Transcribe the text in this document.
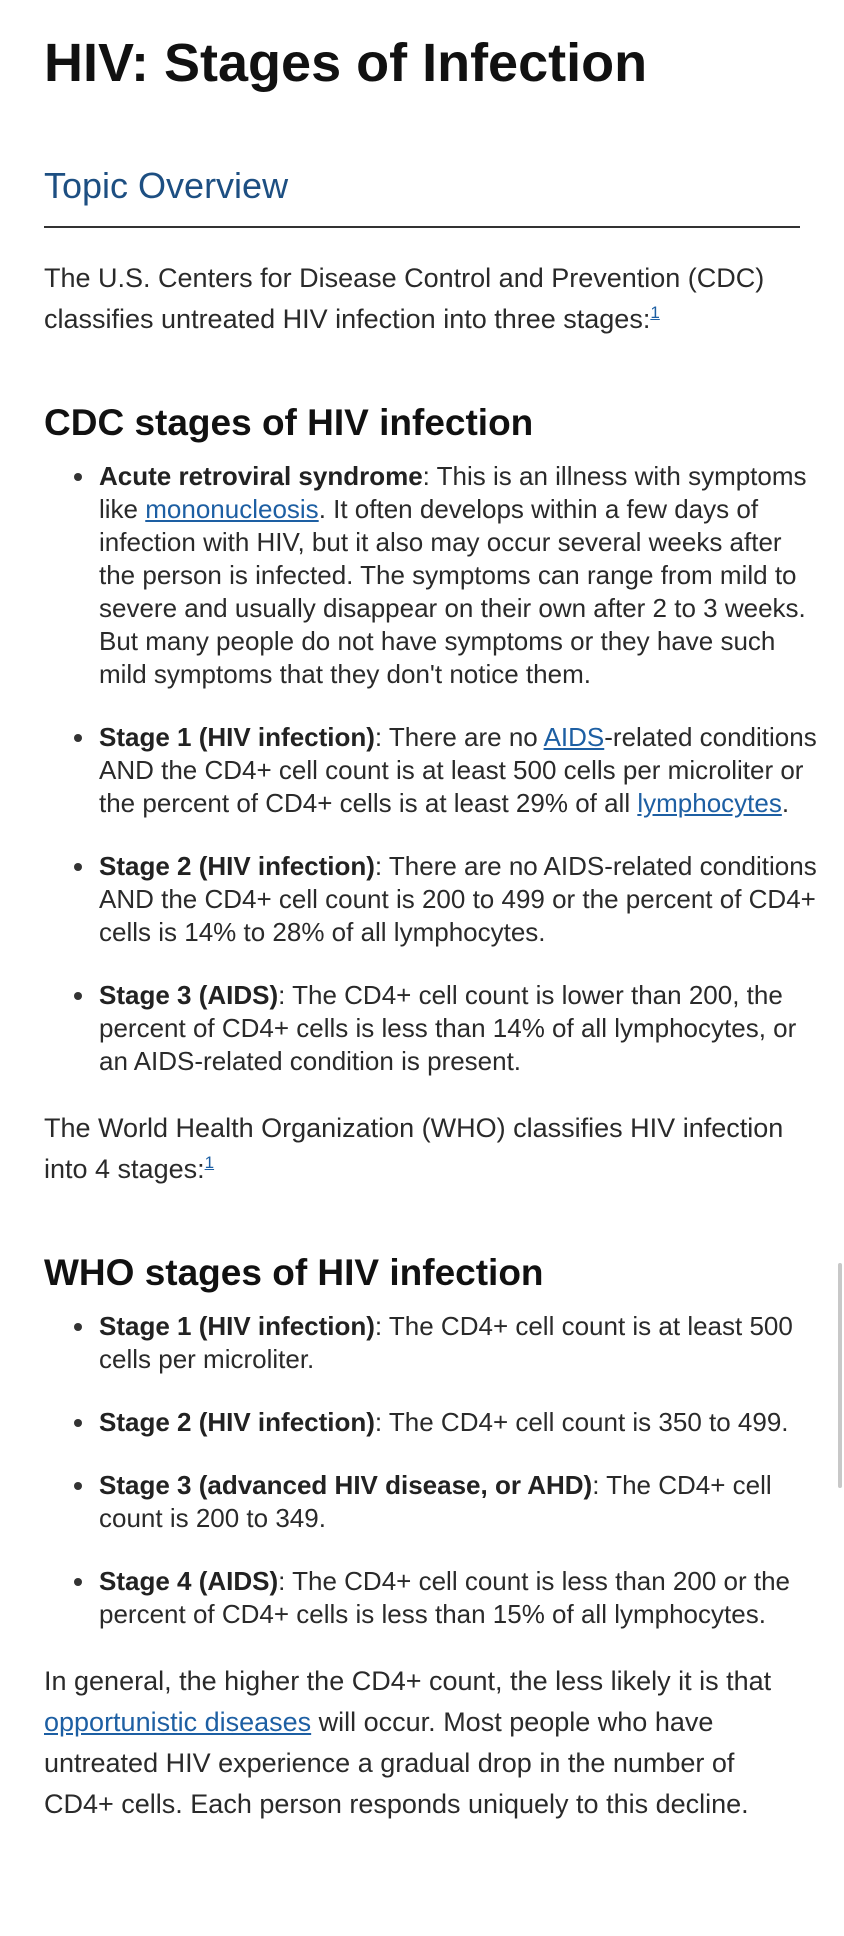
HIV: Stages of Infection
Topic Overview

The U.S. Centers for Disease Control and Prevention (CDC) classifies untreated HIV infection into three stages:$^1$

CDC stages of HIV infection
Acute retroviral syndrome: This is an illness with symptoms like mononucleosis. It often develops within a few days of infection with HIV, but it also may occur several weeks after the person is infected. The symptoms can range from mild to severe and usually disappear on their own after 2 to 3 weeks. But many people do not have symptoms or they have such mild symptoms that they don't notice them.
Stage 1 (HIV infection): There are no AIDS-related conditions AND the CD4+ cell count is at least 500 cells per microliter or the percent of CD4+ cells is at least 29% of all lymphocytes.
Stage 2 (HIV infection): There are no AIDS-related conditions AND the CD4+ cell count is 200 to 499 or the percent of CD4+ cells is 14% to 28% of all lymphocytes.
Stage 3 (AIDS): The CD4+ cell count is lower than 200, the percent of CD4+ cells is less than 14% of all lymphocytes, or an AIDS-related condition is present.

The World Health Organization (WHO) classifies HIV infection into 4 stages:$^1$

WHO stages of HIV infection
Stage 1 (HIV infection): The CD4+ cell count is at least 500 cells per microliter.
Stage 2 (HIV infection): The CD4+ cell count is 350 to 499.
Stage 3 (advanced HIV disease, or AHD): The CD4+ cell count is 200 to 349.
Stage 4 (AIDS): The CD4+ cell count is less than 200 or the percent of CD4+ cells is less than 15% of all lymphocytes.

In general, the higher the CD4+ count, the less likely it is that opportunistic diseases will occur. Most people who have untreated HIV experience a gradual drop in the number of CD4+ cells. Each person responds uniquely to this decline.
